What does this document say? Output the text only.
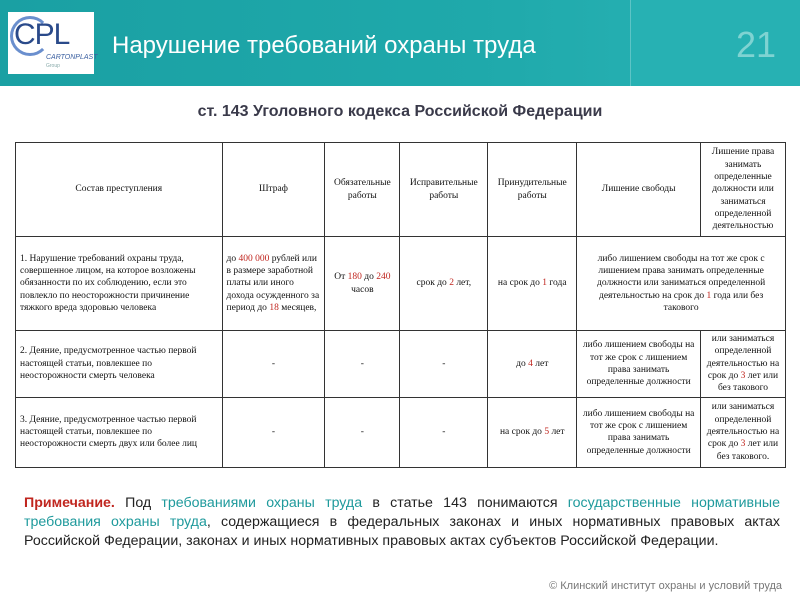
CPL
CARTONPLAST
Group
Нарушение требований охраны труда	21
ст. 143 Уголовного кодекса Российской Федерации
Состав преступления	Штраф	Обязательные работы	Исправительные работы	Принудительные работы	Лишение свободы	Лишение права занимать определенные должности или заниматься определенной деятельностью
1. Нарушение требований охраны труда, совершенное лицом, на которое возложены обязанности по их соблюдению, если это повлекло по неосторожности причинение тяжкого вреда здоровью человека	до 400 000 рублей или в размере заработной платы или иного дохода осужденного за период до 18 месяцев,	От 180 до 240 часов	срок до 2 лет,	на срок до 1 года	либо лишением свободы на тот же срок с лишением права занимать определенные должности или заниматься определенной деятельностью на срок до 1 года или без такового	
2. Деяние, предусмотренное частью первой настоящей статьи, повлекшее по неосторожности смерть человека	-	-	-	до 4 лет	либо лишением свободы на тот же срок с лишением права занимать определенные должности	или заниматься определенной деятельностью на срок до 3 лет или без такового
3. Деяние, предусмотренное частью первой настоящей статьи, повлекшее по неосторожности смерть двух или более лиц	-	-	-	на срок до 5 лет	либо лишением свободы на тот же срок с лишением права занимать определенные должности	или заниматься определенной деятельностью на срок до 3 лет или без такового.
Примечание. Под требованиями охраны труда в статье 143 понимаются государственные нормативные требования охраны труда, содержащиеся в федеральных законах и иных нормативных правовых актах Российской Федерации, законах и иных нормативных правовых актах субъектов Российской Федерации.
© Клинский институт охраны и условий труда
